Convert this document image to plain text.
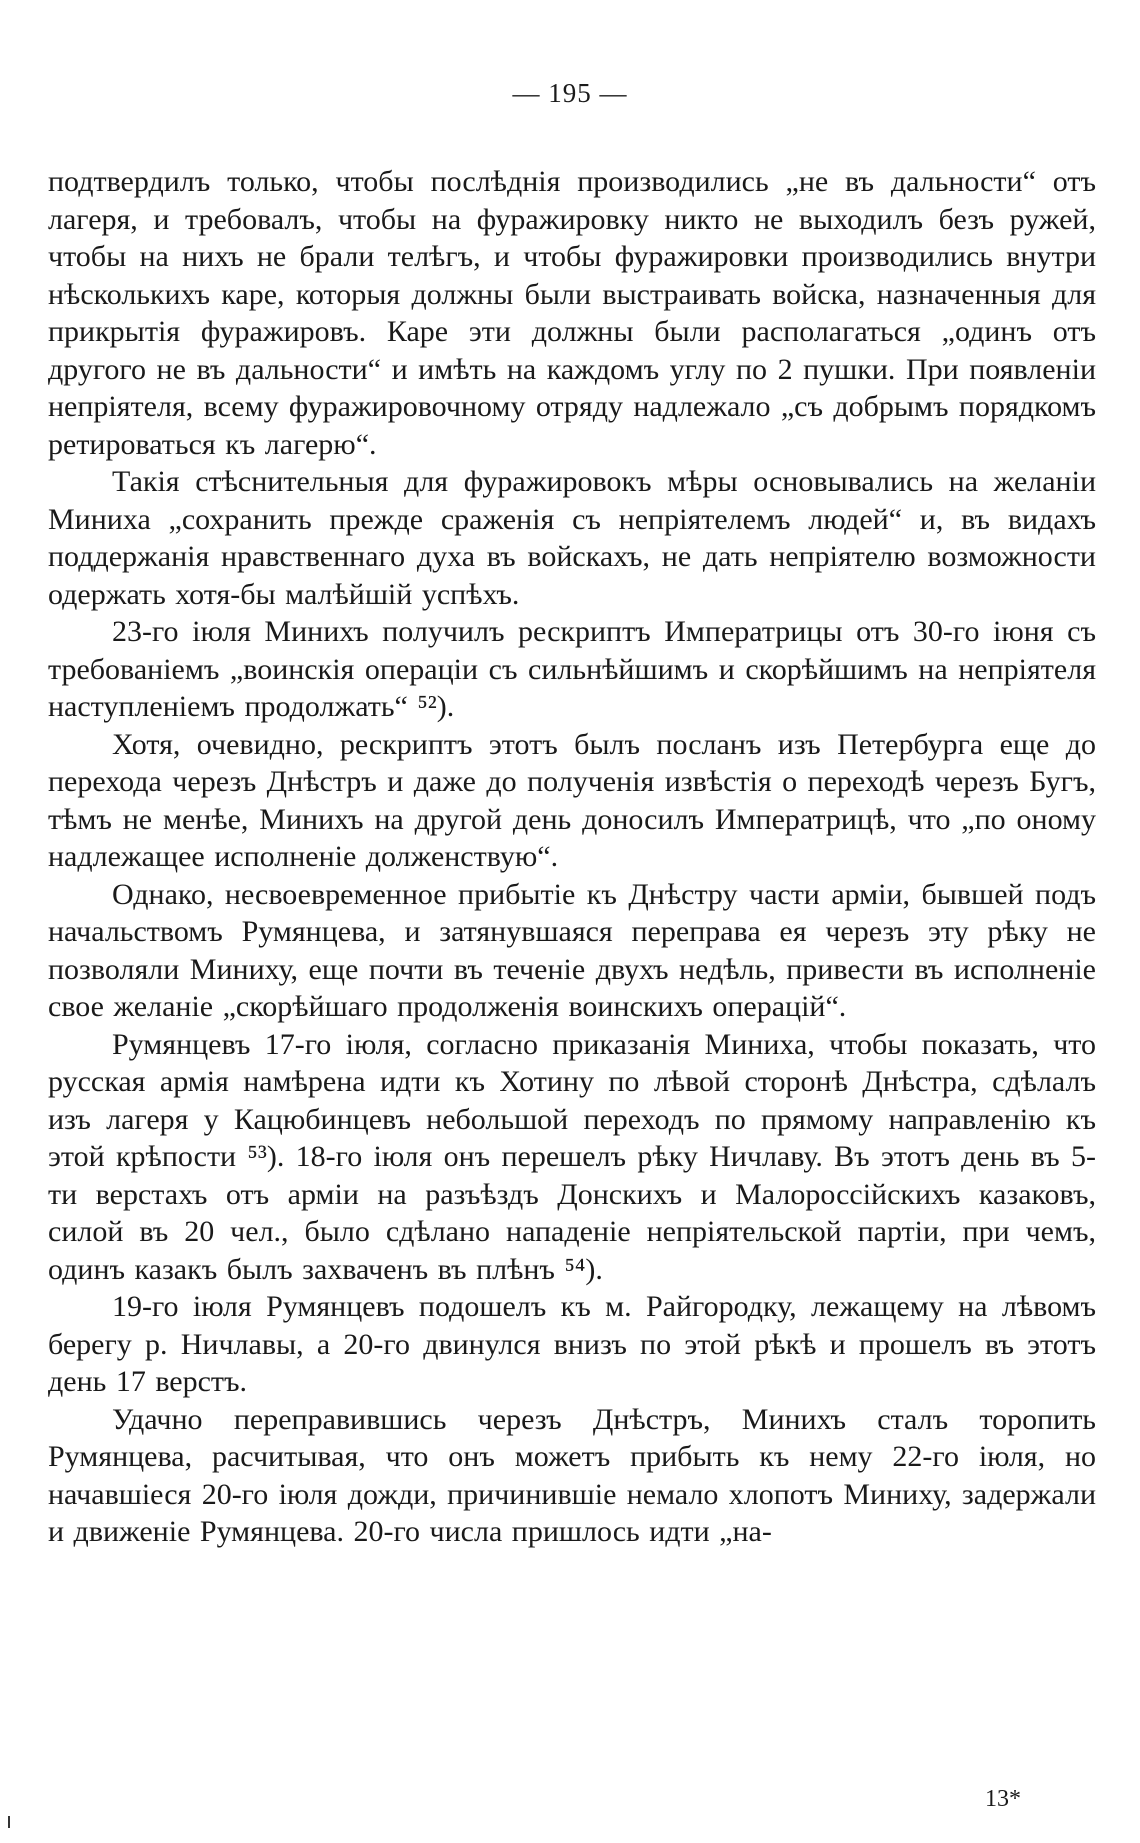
— 195 —

подтвердилъ только, чтобы послѣднія производились „не въ дальности“ отъ лагеря, и требовалъ, чтобы на фуражировку никто не выходилъ безъ ружей, чтобы на нихъ не брали телѣгъ, и чтобы фуражировки производились внутри нѣсколькихъ каре, которыя должны были выстраивать войска, назначенныя для прикрытія фуражировъ. Каре эти должны были располагаться „одинъ отъ другого не въ дальности“ и имѣть на каждомъ углу по 2 пушки. При появленіи непріятеля, всему фуражировочному отряду надлежало „съ добрымъ порядкомъ ретироваться къ лагерю“.

Такія стѣснительныя для фуражировокъ мѣры основывались на желаніи Миниха „сохранить прежде сраженія съ непріятелемъ людей“ и, въ видахъ поддержанія нравственнаго духа въ войскахъ, не дать непріятелю возможности одержать хотя-бы малѣйшій успѣхъ.

23-го іюля Минихъ получилъ рескриптъ Императрицы отъ 30-го іюня съ требованіемъ „воинскія операціи съ сильнѣйшимъ и скорѣйшимъ на непріятеля наступленіемъ продолжать“ ⁵²).

Хотя, очевидно, рескриптъ этотъ былъ посланъ изъ Петербурга еще до перехода черезъ Днѣстръ и даже до полученія извѣстія о переходѣ черезъ Бугъ, тѣмъ не менѣе, Минихъ на другой день доносилъ Императрицѣ, что „по оному надлежащее исполненіе долженствую“.

Однако, несвоевременное прибытіе къ Днѣстру части арміи, бывшей подъ начальствомъ Румянцева, и затянувшаяся переправа ея черезъ эту рѣку не позволяли Миниху, еще почти въ теченіе двухъ недѣль, привести въ исполненіе свое желаніе „скорѣйшаго продолженія воинскихъ операцій“.

Румянцевъ 17-го іюля, согласно приказанія Миниха, чтобы показать, что русская армія намѣрена идти къ Хотину по лѣвой сторонѣ Днѣстра, сдѣлалъ изъ лагеря у Кацюбинцевъ небольшой переходъ по прямому направленію къ этой крѣпости ⁵³). 18-го іюля онъ перешелъ рѣку Ничлаву. Въ этотъ день въ 5-ти верстахъ отъ арміи на разъѣздъ Донскихъ и Малороссійскихъ казаковъ, силой въ 20 чел., было сдѣлано нападеніе непріятельской партіи, при чемъ, одинъ казакъ былъ захваченъ въ плѣнъ ⁵⁴).

19-го іюля Румянцевъ подошелъ къ м. Райгородку, лежащему на лѣвомъ берегу р. Ничлавы, а 20-го двинулся внизъ по этой рѣкѣ и прошелъ въ этотъ день 17 верстъ.

Удачно переправившись черезъ Днѣстръ, Минихъ сталъ торопить Румянцева, расчитывая, что онъ можетъ прибыть къ нему 22-го іюля, но начавшіеся 20-го іюля дожди, причинившіе немало хлопотъ Миниху, задержали и движеніе Румянцева. 20-го числа пришлось идти „на-

13*
